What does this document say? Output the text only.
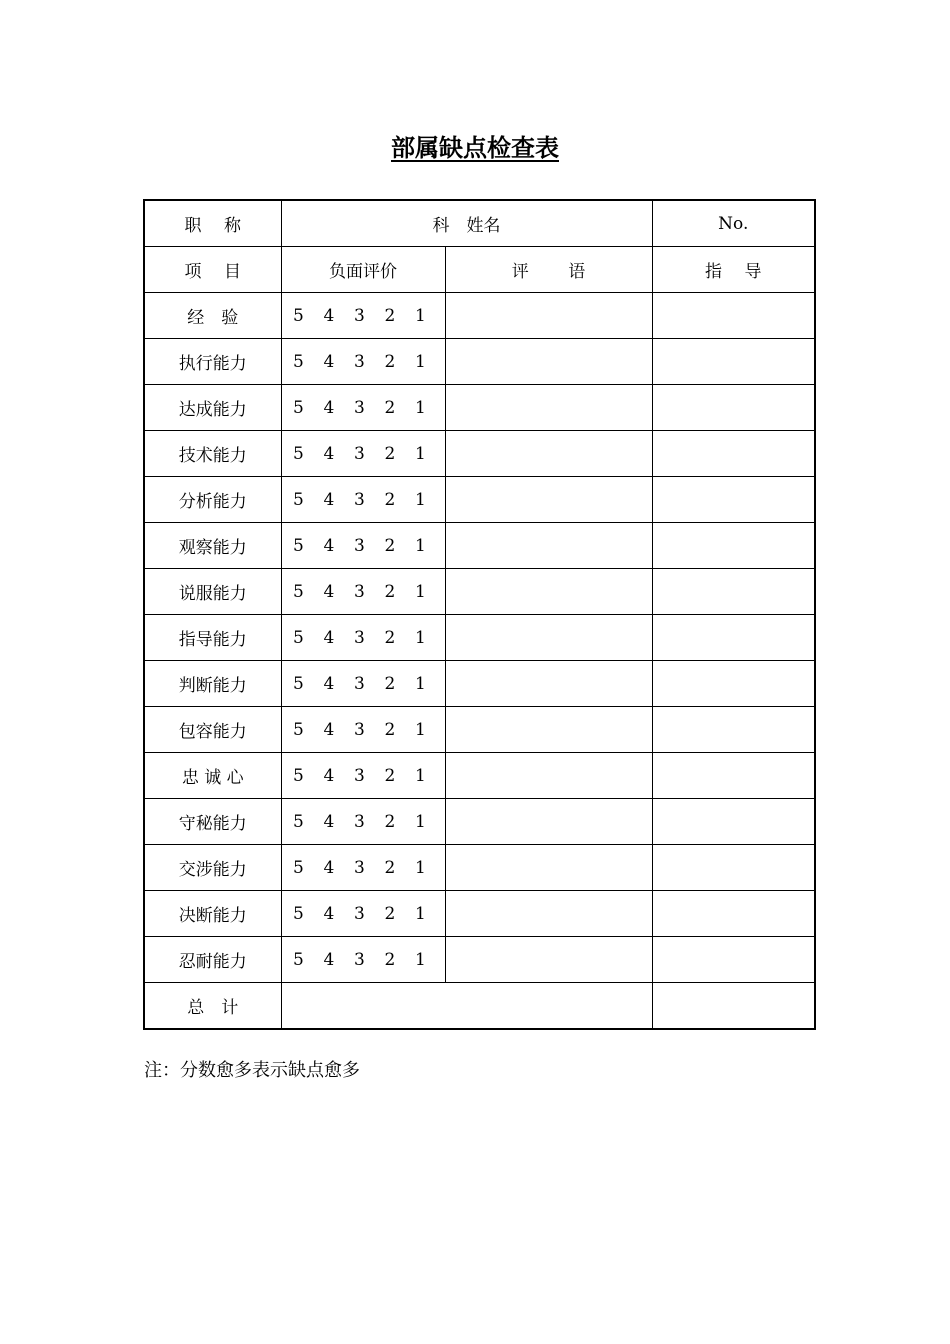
部属缺点检查表
职　 称	科　姓名		No.
项　 目	负面评价	评　　 语	指　 导
经　验	5 4 3 2 1		
执行能力	5 4 3 2 1		
达成能力	5 4 3 2 1		
技术能力	5 4 3 2 1		
分析能力	5 4 3 2 1		
观察能力	5 4 3 2 1		
说服能力	5 4 3 2 1		
指导能力	5 4 3 2 1		
判断能力	5 4 3 2 1		
包容能力	5 4 3 2 1		
忠 诚 心	5 4 3 2 1		
守秘能力	5 4 3 2 1		
交涉能力	5 4 3 2 1		
决断能力	5 4 3 2 1		
忍耐能力	5 4 3 2 1		
总　计			
注：分数愈多表示缺点愈多
